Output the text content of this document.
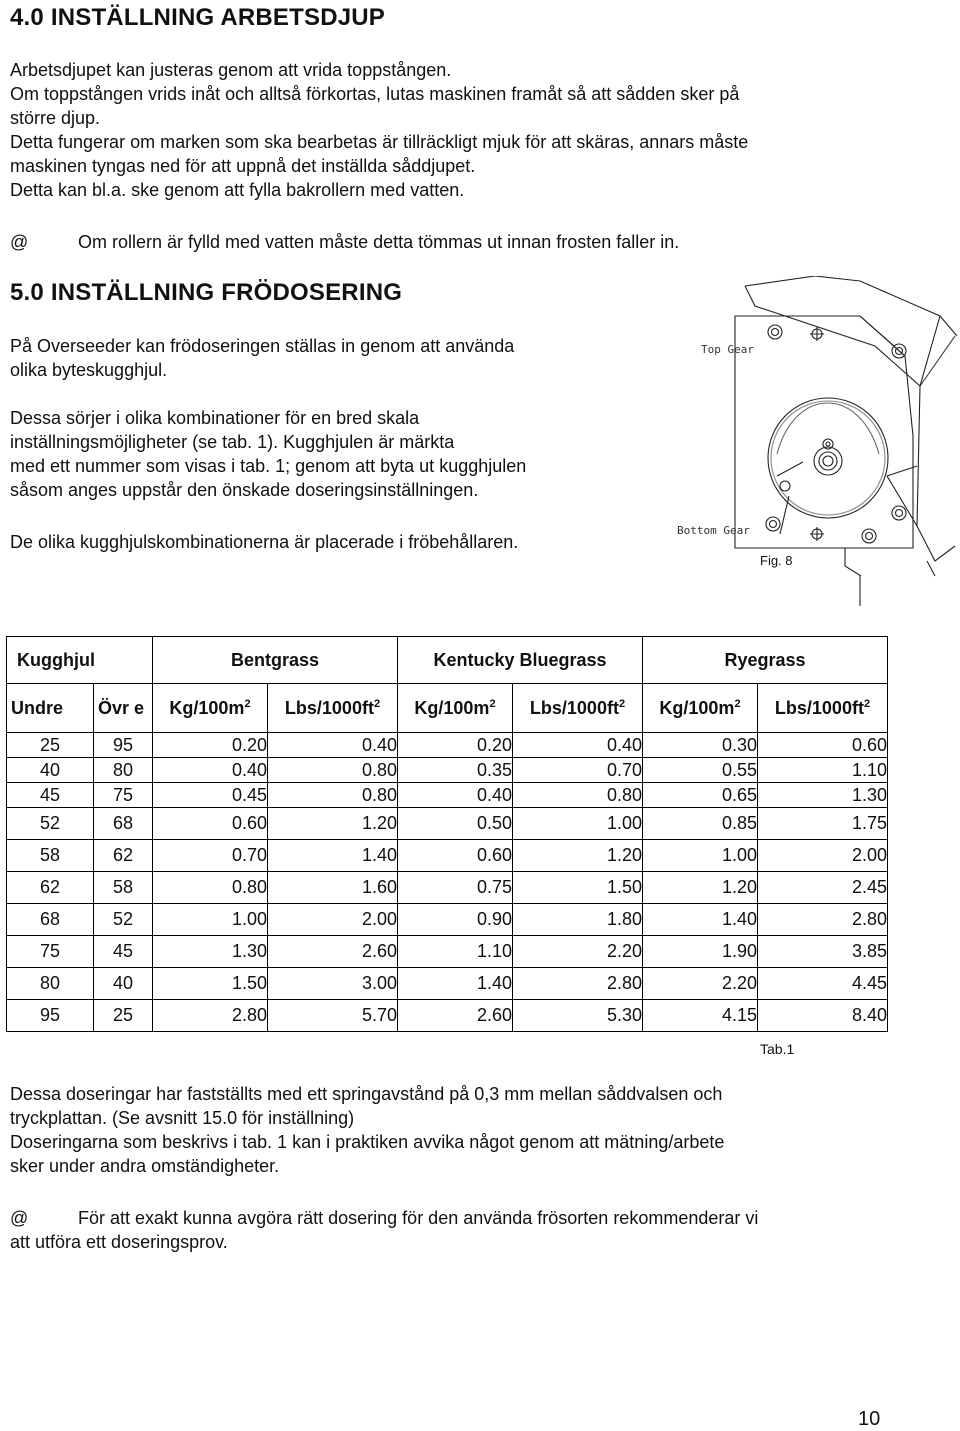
4.0 INSTÄLLNING ARBETSDJUP
Arbetsdjupet kan justeras genom att vrida toppstången.
Om toppstången vrids inåt och alltså förkortas, lutas maskinen framåt så att sådden sker på
större djup.
Detta fungerar om marken som ska bearbetas är tillräckligt mjuk för att skäras, annars måste
maskinen tyngas ned för att uppnå det inställda såddjupet.
Detta kan bl.a. ske genom att fylla bakrollern med vatten.
@	Om rollern är fylld med vatten måste detta tömmas ut innan frosten faller in.
5.0 INSTÄLLNING FRÖDOSERING
På Overseeder kan frödoseringen ställas in genom att använda
olika byteskugghjul.
Dessa sörjer i olika kombinationer för en bred skala
inställningsmöjligheter (se tab. 1). Kugghjulen är märkta
med ett nummer som visas i tab. 1; genom att byta ut kugghjulen
såsom anges uppstår den önskade doseringsinställningen.
De olika kugghjulskombinationerna är placerade i fröbehållaren.
Top Gear
Bottom Gear
Fig. 8
Kugghjul		Bentgrass		Kentucky Bluegrass		Ryegrass	
Undre	Övr e	$Kg/100m^2$	Lbs/$1000ft^2$	$Kg/100m^2$	Lbs/$1000ft^2$	$Kg/100m^2$	Lbs/$1000ft^2$
25	95	0.20	0.40	0.20	0.40	0.30	0.60
40	80	0.40	0.80	0.35	0.70	0.55	1.10
45	75	0.45	0.80	0.40	0.80	0.65	1.30
52	68	0.60	1.20	0.50	1.00	0.85	1.75
58	62	0.70	1.40	0.60	1.20	1.00	2.00
62	58	0.80	1.60	0.75	1.50	1.20	2.45
68	52	1.00	2.00	0.90	1.80	1.40	2.80
75	45	1.30	2.60	1.10	2.20	1.90	3.85
80	40	1.50	3.00	1.40	2.80	2.20	4.45
95	25	2.80	5.70	2.60	5.30	4.15	8.40
Tab.1
Dessa doseringar har fastställts med ett springavstånd på 0,3 mm mellan såddvalsen och
tryckplattan. (Se avsnitt 15.0 för inställning)
Doseringarna som beskrivs i tab. 1 kan i praktiken avvika något genom att mätning/arbete
sker under andra omständigheter.
@	För att exakt kunna avgöra rätt dosering för den använda frösorten rekommenderar vi
att utföra ett doseringsprov.
10
